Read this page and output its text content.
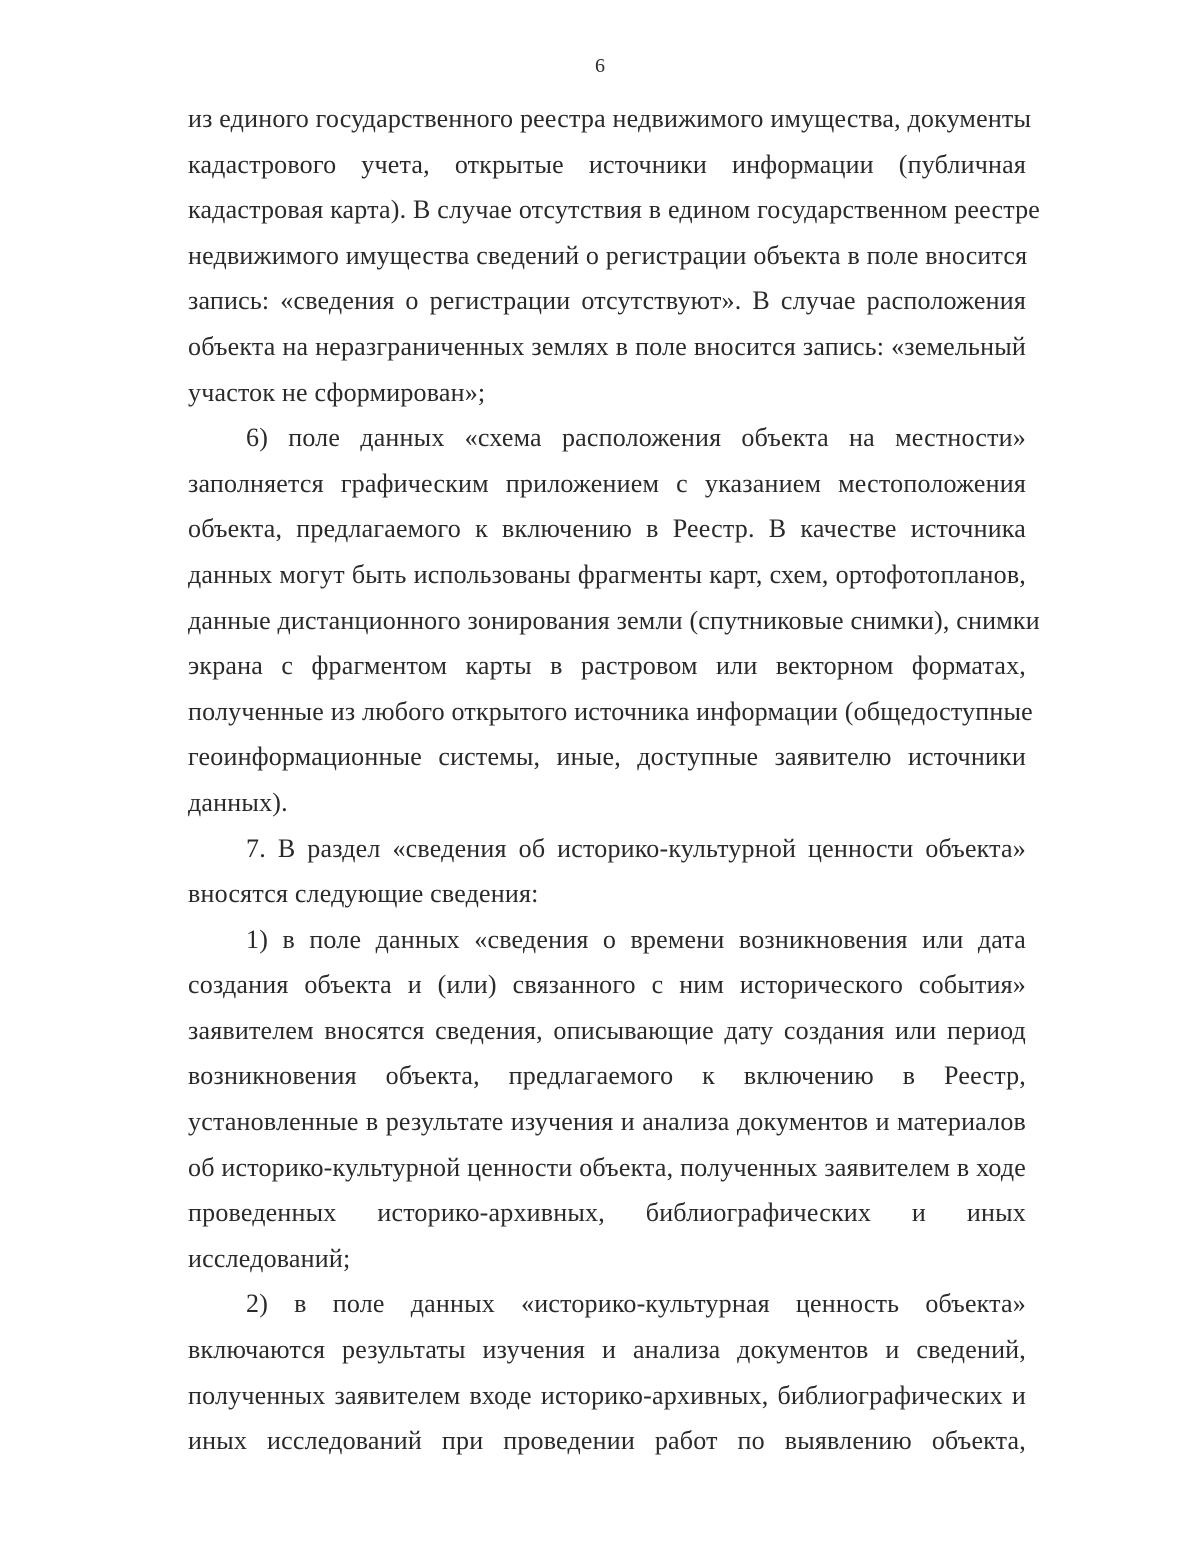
6
из единого государственного реестра недвижимого имущества, документы
кадастрового учета, открытые источники информации (публичная
кадастровая карта). В случае отсутствия в едином государственном реестре
недвижимого имущества сведений о регистрации объекта в поле вносится
запись: «сведения о регистрации отсутствуют». В случае расположения
объекта на неразграниченных землях в поле вносится запись: «земельный
участок не сформирован»;
6) поле данных «схема расположения объекта на местности»
заполняется графическим приложением с указанием местоположения
объекта, предлагаемого к включению в Реестр. В качестве источника
данных могут быть использованы фрагменты карт, схем, ортофотопланов,
данные дистанционного зонирования земли (спутниковые снимки), снимки
экрана с фрагментом карты в растровом или векторном форматах,
полученные из любого открытого источника информации (общедоступные
геоинформационные системы, иные, доступные заявителю источники
данных).
7. В раздел «сведения об историко-культурной ценности объекта»
вносятся следующие сведения:
1) в поле данных «сведения о времени возникновения или дата
создания объекта и (или) связанного с ним исторического события»
заявителем вносятся сведения, описывающие дату создания или период
возникновения объекта, предлагаемого к включению в Реестр,
установленные в результате изучения и анализа документов и материалов
об историко-культурной ценности объекта, полученных заявителем в ходе
проведенных историко-архивных, библиографических и иных
исследований;
2) в поле данных «историко-культурная ценность объекта»
включаются результаты изучения и анализа документов и сведений,
полученных заявителем входе историко-архивных, библиографических и
иных исследований при проведении работ по выявлению объекта,
